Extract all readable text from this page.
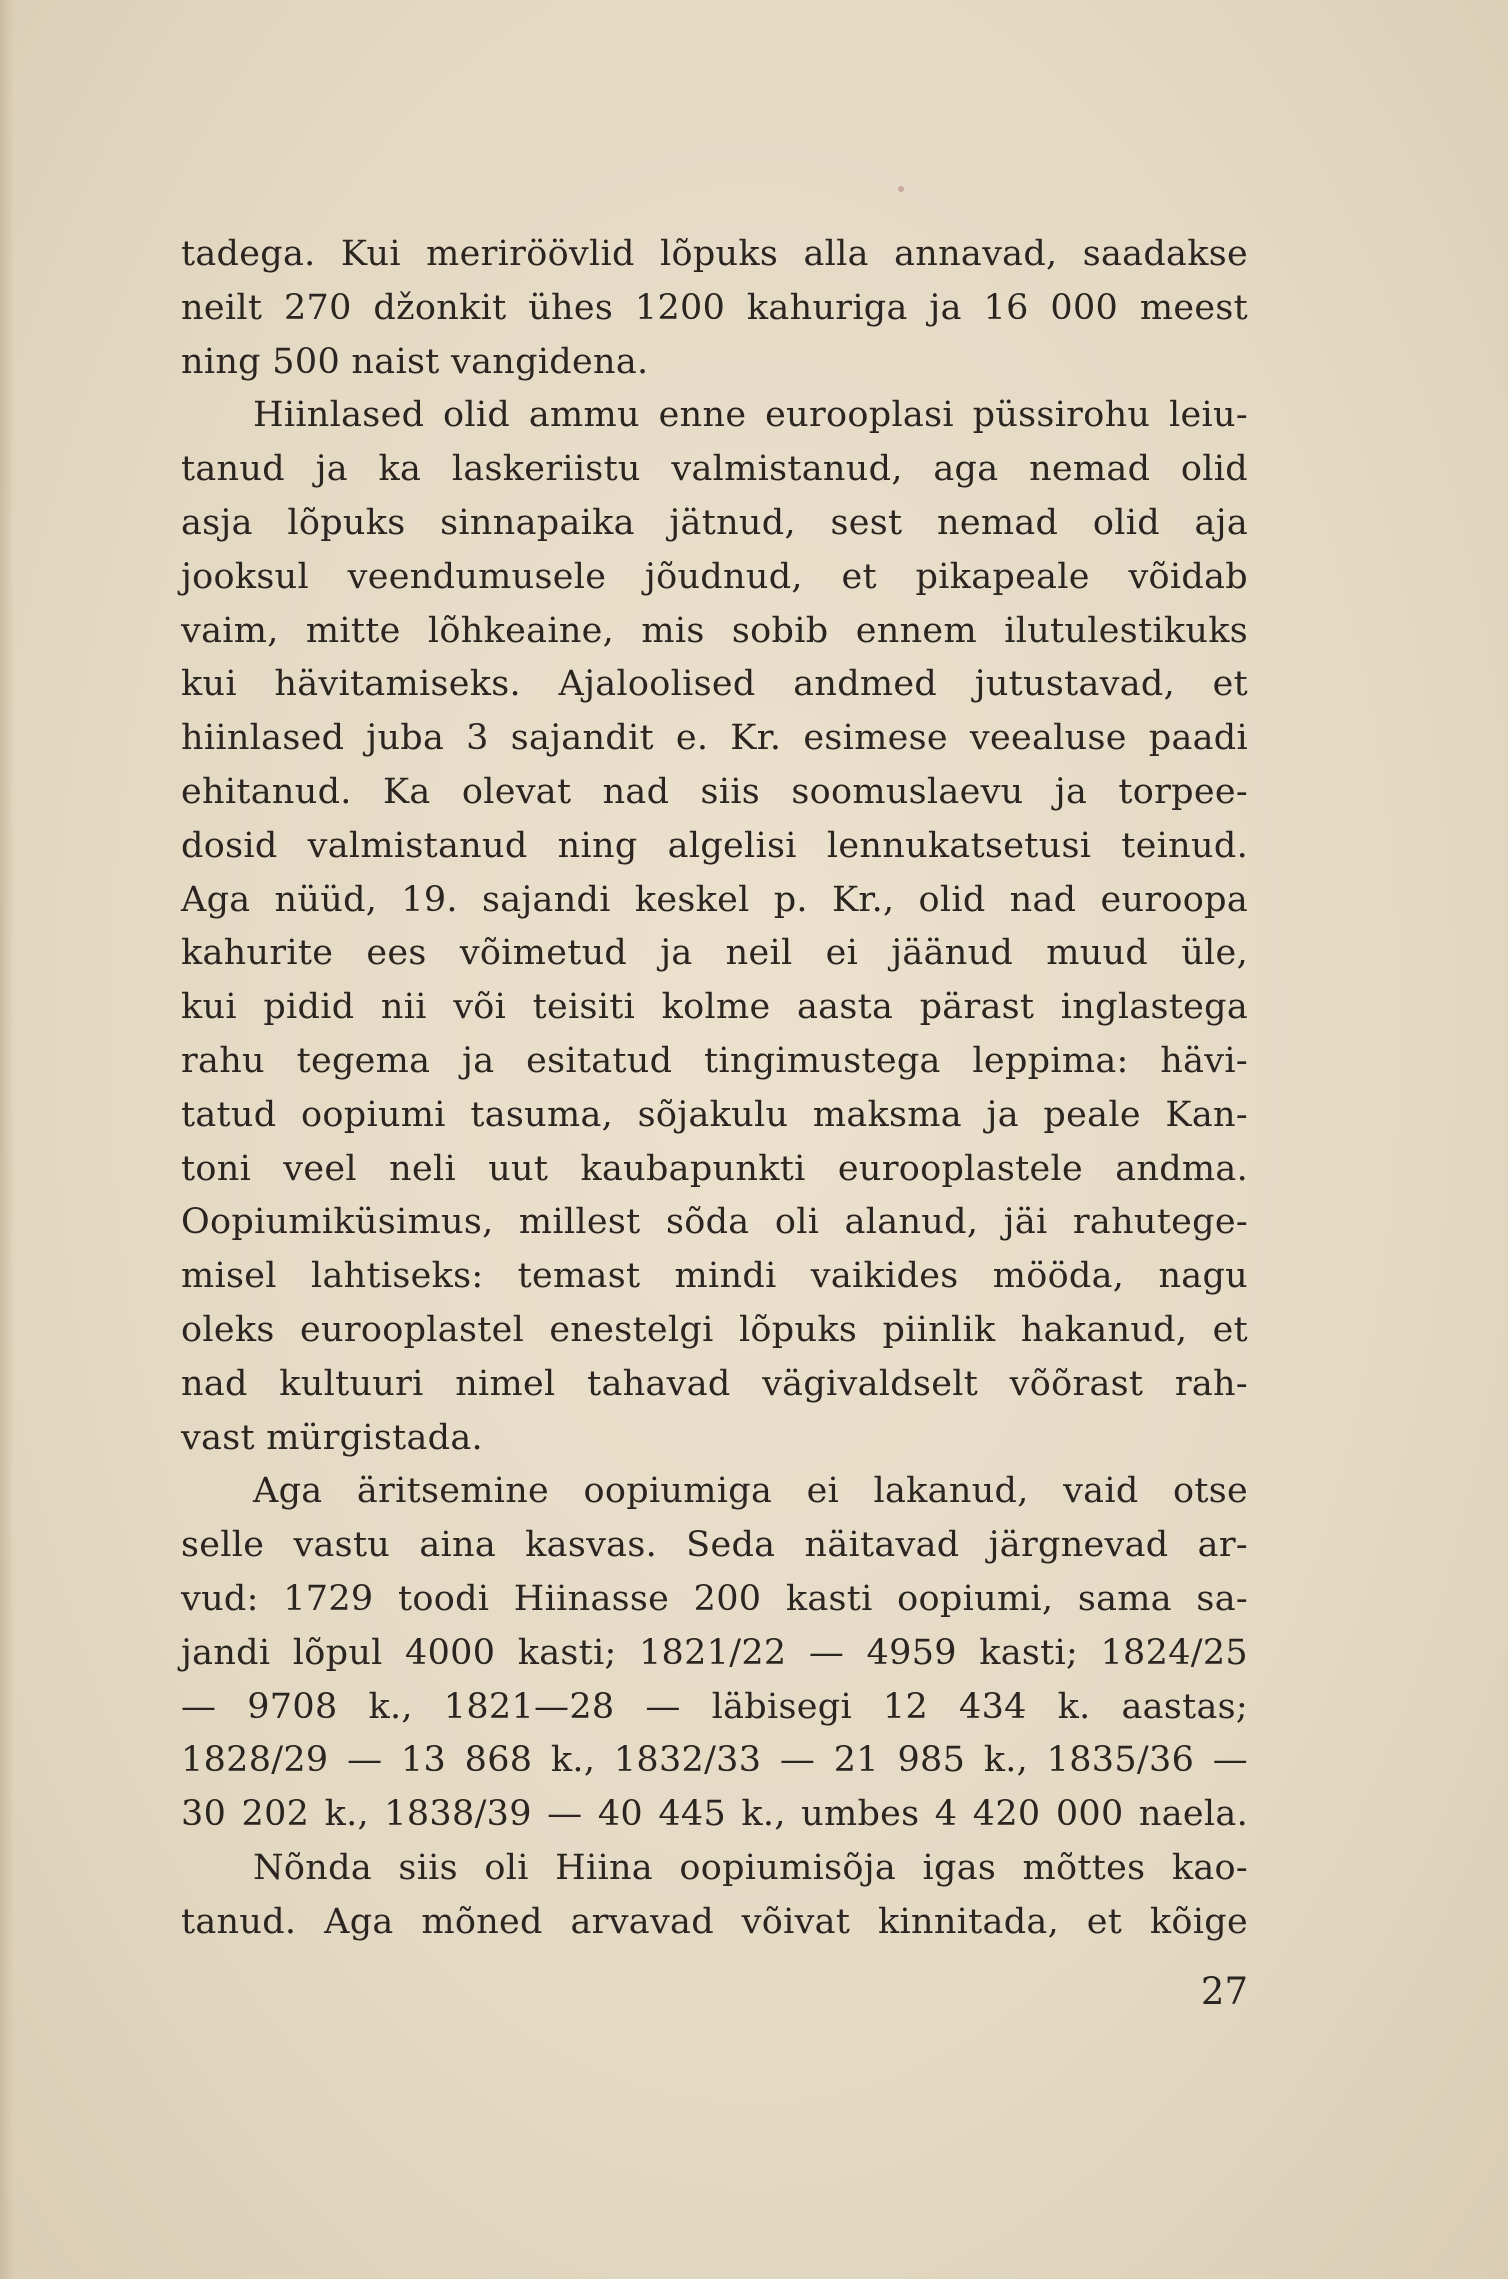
tadega. Kui meriröövlid lõpuks alla annavad, saadakse
neilt 270 džonkit ühes 1200 kahuriga ja 16 000 meest
ning 500 naist vangidena.
Hiinlased olid ammu enne eurooplasi püssirohu leiu-
tanud ja ka laskeriistu valmistanud, aga nemad olid
asja lõpuks sinnapaika jätnud, sest nemad olid aja
jooksul veendumusele jõudnud, et pikapeale võidab
vaim, mitte lõhkeaine, mis sobib ennem ilutulestikuks
kui hävitamiseks. Ajaloolised andmed jutustavad, et
hiinlased juba 3 sajandit e. Kr. esimese veealuse paadi
ehitanud. Ka olevat nad siis soomuslaevu ja torpee-
dosid valmistanud ning algelisi lennukatsetusi teinud.
Aga nüüd, 19. sajandi keskel p. Kr., olid nad euroopa
kahurite ees võimetud ja neil ei jäänud muud üle,
kui pidid nii või teisiti kolme aasta pärast inglastega
rahu tegema ja esitatud tingimustega leppima: hävi-
tatud oopiumi tasuma, sõjakulu maksma ja peale Kan-
toni veel neli uut kaubapunkti eurooplastele andma.
Oopiumiküsimus, millest sõda oli alanud, jäi rahutege-
misel lahtiseks: temast mindi vaikides mööda, nagu
oleks eurooplastel enestelgi lõpuks piinlik hakanud, et
nad kultuuri nimel tahavad vägivaldselt võõrast rah-
vast mürgistada.
Aga äritsemine oopiumiga ei lakanud, vaid otse
selle vastu aina kasvas. Seda näitavad järgnevad ar-
vud: 1729 toodi Hiinasse 200 kasti oopiumi, sama sa-
jandi lõpul 4000 kasti; 1821/22 — 4959 kasti; 1824/25
— 9708 k., 1821—28 — läbisegi 12 434 k. aastas;
1828/29 — 13 868 k., 1832/33 — 21 985 k., 1835/36 —
30 202 k., 1838/39 — 40 445 k., umbes 4 420 000 naela.
Nõnda siis oli Hiina oopiumisõja igas mõttes kao-
tanud. Aga mõned arvavad võivat kinnitada, et kõige
27
